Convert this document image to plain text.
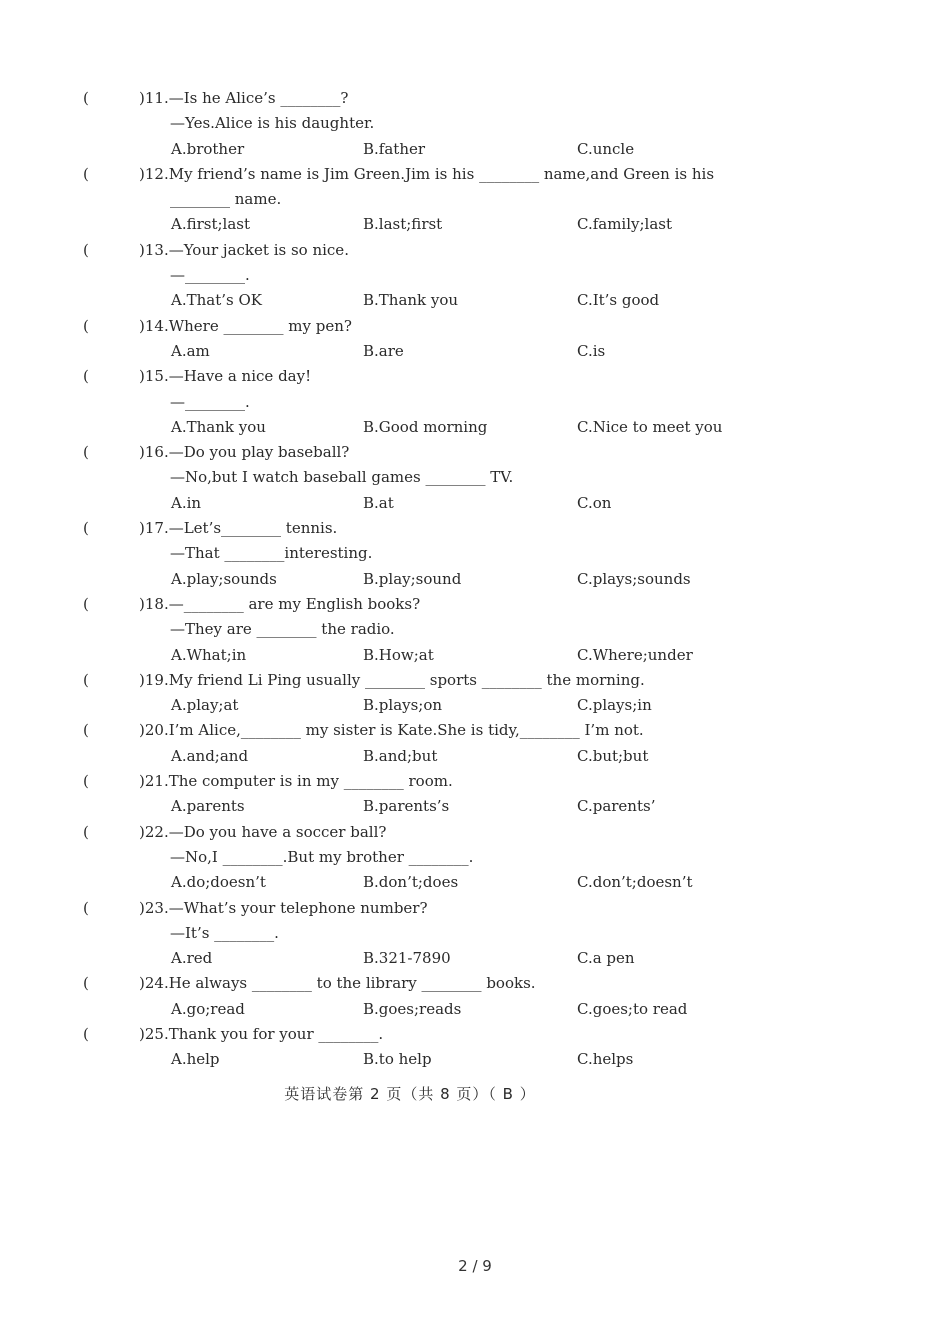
(	)11.—Is he Alice’s ________?
—Yes.Alice is his daughter.
A.brother	B.father	C.uncle
(	)12.My friend’s name is Jim Green.Jim is his ________ name,and Green is his
________ name.
A.first;last	B.last;first	C.family;last
(	)13.—Your jacket is so nice.
—________.
A.That’s OK	B.Thank you	C.It’s good
(	)14.Where ________ my pen?
A.am	B.are	C.is
(	)15.—Have a nice day!
—________.
A.Thank you	B.Good morning	C.Nice to meet you
(	)16.—Do you play baseball?
—No,but I watch baseball games ________ TV.
A.in	B.at	C.on
(	)17.—Let’s________ tennis.
—That ________interesting.
A.play;sounds	B.play;sound	C.plays;sounds
(	)18.—________ are my English books?
—They are ________ the radio.
A.What;in	B.How;at	C.Where;under
(	)19.My friend Li Ping usually ________ sports ________ the morning.
A.play;at	B.plays;on	C.plays;in
(	)20.I’m Alice,________ my sister is Kate.She is tidy,________ I’m not.
A.and;and	B.and;but	C.but;but
(	)21.The computer is in my ________ room.
A.parents	B.parents’s	C.parents’
(	)22.—Do you have a soccer ball?
—No,I ________.But my brother ________.
A.do;doesn’t	B.don’t;does	C.don’t;doesn’t
(	)23.—What’s your telephone number?
—It’s ________.
A.red	B.321-7890	C.a pen
(	)24.He always ________ to the library ________ books.
A.go;read	B.goes;reads	C.goes;to read
(	)25.Thank you for your ________.
A.help	B.to help	C.helps
英语试卷第 2 页（共 8 页）（ B ）
2 / 9
